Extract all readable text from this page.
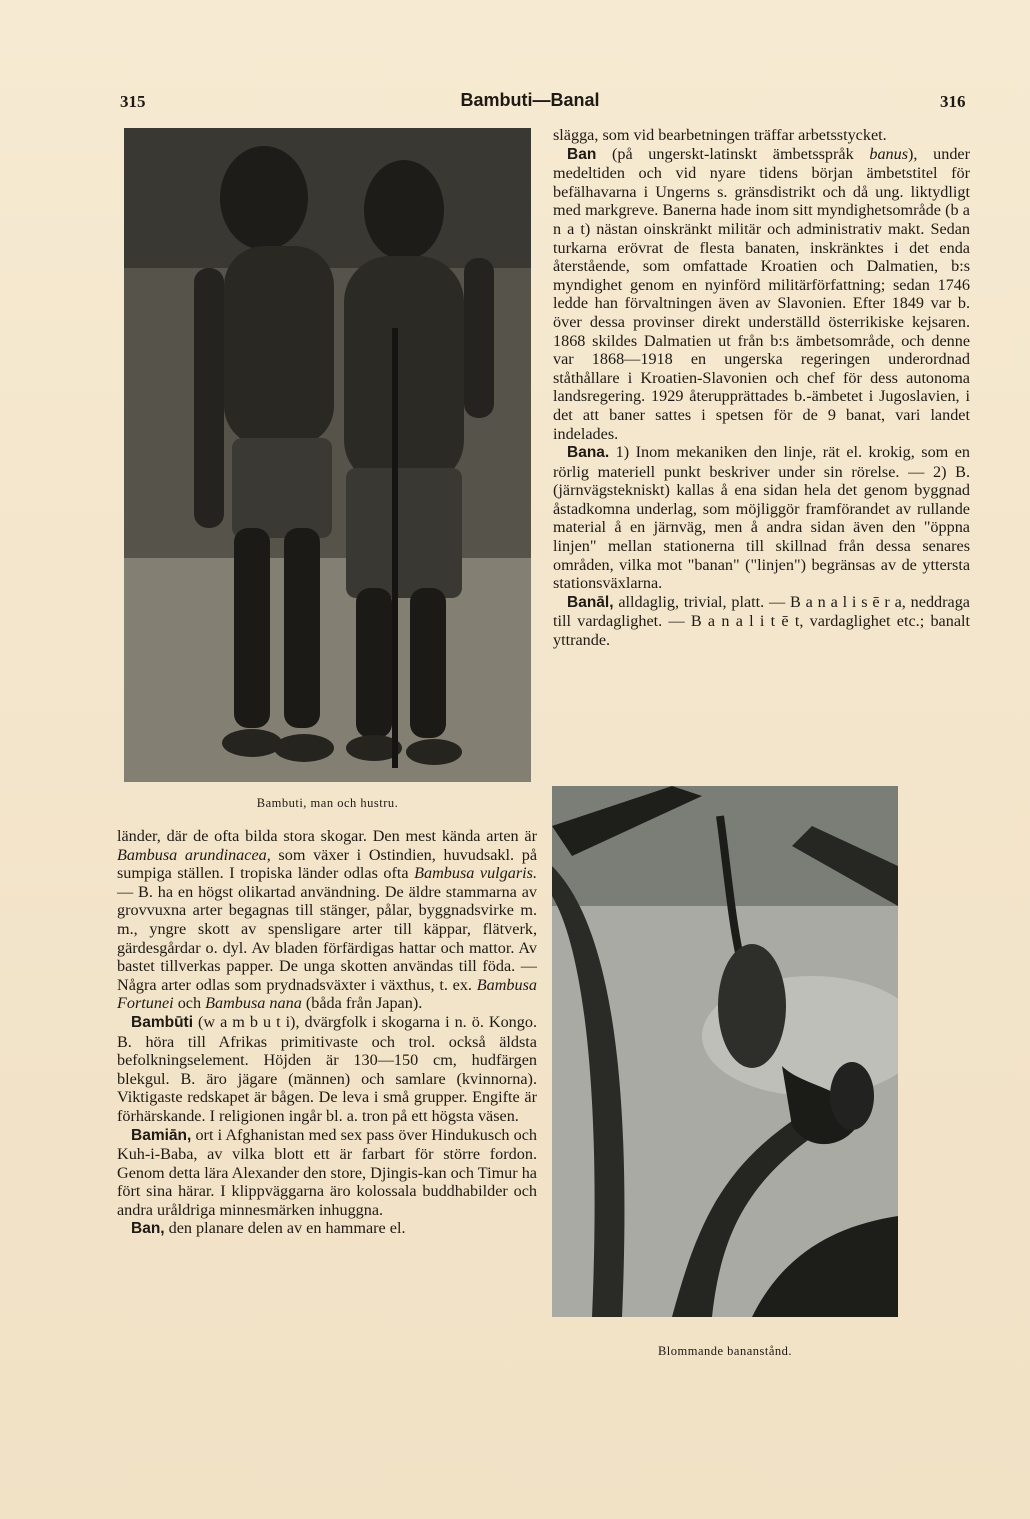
315	Bambuti—Banal	316
Bambuti, man och hustru.

länder, där de ofta bilda stora skogar. Den mest kända arten är Bambusa arundinacea, som växer i Ostindien, huvudsakl. på sumpiga ställen. I tropiska länder odlas ofta Bambusa vulgaris. — B. ha en högst olikartad användning. De äldre stammarna av grovvuxna arter begagnas till stänger, pålar, byggnadsvirke m. m., yngre skott av spensligare arter till käppar, flätverk, gärdesgårdar o. dyl. Av bladen förfärdigas hattar och mattor. Av bastet tillverkas papper. De unga skotten användas till föda. — Några arter odlas som prydnadsväxter i växthus, t. ex. Bambusa Fortunei och Bambusa nana (båda från Japan).

Bambūti (w a m b u t i), dvärgfolk i skogarna i n. ö. Kongo. B. höra till Afrikas primitivaste och trol. också äldsta befolkningselement. Höjden är 130—150 cm, hudfärgen blekgul. B. äro jägare (männen) och samlare (kvinnorna). Viktigaste redskapet är bågen. De leva i små grupper. Engifte är förhärskande. I religionen ingår bl. a. tron på ett högsta väsen.

Bamiān, ort i Afghanistan med sex pass över Hindukusch och Kuh-i-Baba, av vilka blott ett är farbart för större fordon. Genom detta lära Alexander den store, Djingis-kan och Timur ha fört sina härar. I klippväggarna äro kolossala buddhabilder och andra uråldriga minnesmärken inhuggna.

Ban, den planare delen av en hammare el.

slägga, som vid bearbetningen träffar arbetsstycket.

Ban (på ungerskt-latinskt ämbetsspråk banus), under medeltiden och vid nyare tidens början ämbetstitel för befälhavarna i Ungerns s. gränsdistrikt och då ung. liktydligt med markgreve. Banerna hade inom sitt myndighetsområde (b a n a t) nästan oinskränkt militär och administrativ makt. Sedan turkarna erövrat de flesta banaten, inskränktes i det enda återstående, som omfattade Kroatien och Dalmatien, b:s myndighet genom en nyinförd militärförfattning; sedan 1746 ledde han förvaltningen även av Slavonien. Efter 1849 var b. över dessa provinser direkt underställd österrikiske kejsaren. 1868 skildes Dalmatien ut från b:s ämbetsområde, och denne var 1868—1918 en ungerska regeringen underordnad ståthållare i Kroatien-Slavonien och chef för dess autonoma landsregering. 1929 återupprättades b.-ämbetet i Jugoslavien, i det att baner sattes i spetsen för de 9 banat, vari landet indelades.

Bana. 1) Inom mekaniken den linje, rät el. krokig, som en rörlig materiell punkt beskriver under sin rörelse. — 2) B. (järnvägstekniskt) kallas å ena sidan hela det genom byggnad åstadkomna underlag, som möjliggör framförandet av rullande material å en järnväg, men å andra sidan även den "öppna linjen" mellan stationerna till skillnad från dessa senares områden, vilka mot "banan" ("linjen") begränsas av de yttersta stationsväxlarna.

Banāl, alldaglig, trivial, platt. — B a n a l i s ē r a, neddraga till vardaglighet. — B a n a l i t ē t, vardaglighet etc.; banalt yttrande.

Blommande bananstånd.
